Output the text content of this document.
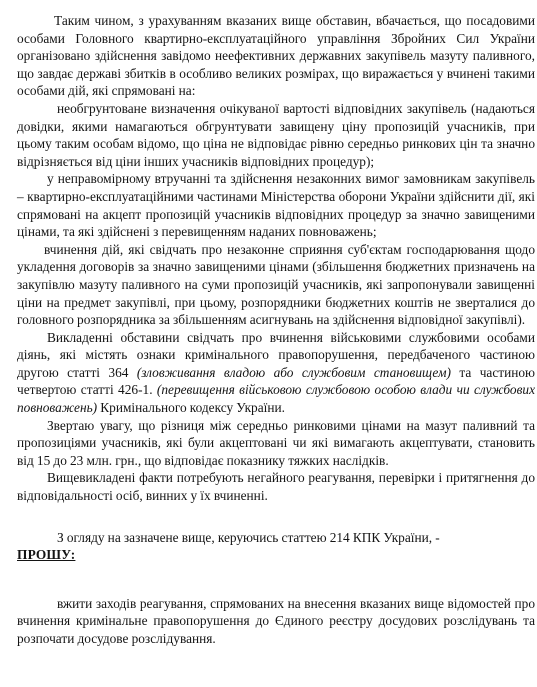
Таким чином, з урахуванням вказаних вище обставин, вбачається, що посадовими особами Головного квартирно-експлуатаційного управління Збройних Сил України організовано здійснення завідомо неефективних державних закупівель мазуту паливного, що завдає державі збитків в особливо великих розмірах, що виражається у вчинені такими особами дій, які спрямовані на:

необгрунтоване визначення очікуваної вартості відповідних закупівель (надаються довідки, якими намагаються обгрунтувати завищену ціну пропозицій учасників, при цьому таким особам відомо, що ціна не відповідає рівню середньо ринкових цін та значно відрізняється від ціни інших учасників відповідних процедур);

у неправомірному втручанні та здійснення незаконних вимог замовникам закупівель – квартирно-експлуатаційними частинами Міністерства оборони України здійснити дії, які спрямовані на акцепт пропозицій учасників відповідних процедур за значно завищеними цінами, та які здійснені з перевищенням наданих повноважень;

вчинення дій, які свідчать про незаконне сприяння суб'єктам господарювання щодо укладення договорів за значно завищеними цінами (збільшення бюджетних призначень на закупівлю мазуту паливного на суми пропозицій учасників, які запропонували завищенні ціни на предмет закупівлі, при цьому, розпорядники бюджетних коштів не зверталися до головного розпорядника за збільшенням асигнувань на здійснення відповідної закупівлі).

Викладенні обставини свідчать про вчинення військовими службовими особами діянь, які містять ознаки кримінального правопорушення, передбаченого частиною другою статті 364 (зловживання владою або службовим становищем) та частиною четвертою статті 426-1. (перевищення військовою службовою особою влади чи службових повноважень) Кримінального кодексу України.

Звертаю увагу, що різниця між середньо ринковими цінами на мазут паливний та пропозиціями учасників, які були акцептовані чи які вимагають акцептувати, становить від 15 до 23 млн. грн., що відповідає показнику тяжких наслідків.

Вищевикладені факти потребують негайного реагування, перевірки і притягнення до відповідальності осіб, винних у їх вчиненні.

З огляду на зазначене вище, керуючись статтею 214 КПК України, -

ПРОШУ:

вжити заходів реагування, спрямованих на внесення вказаних вище відомостей про вчинення кримінальне правопорушення до Єдиного реєстру досудових розслідувань та розпочати досудове розслідування.
